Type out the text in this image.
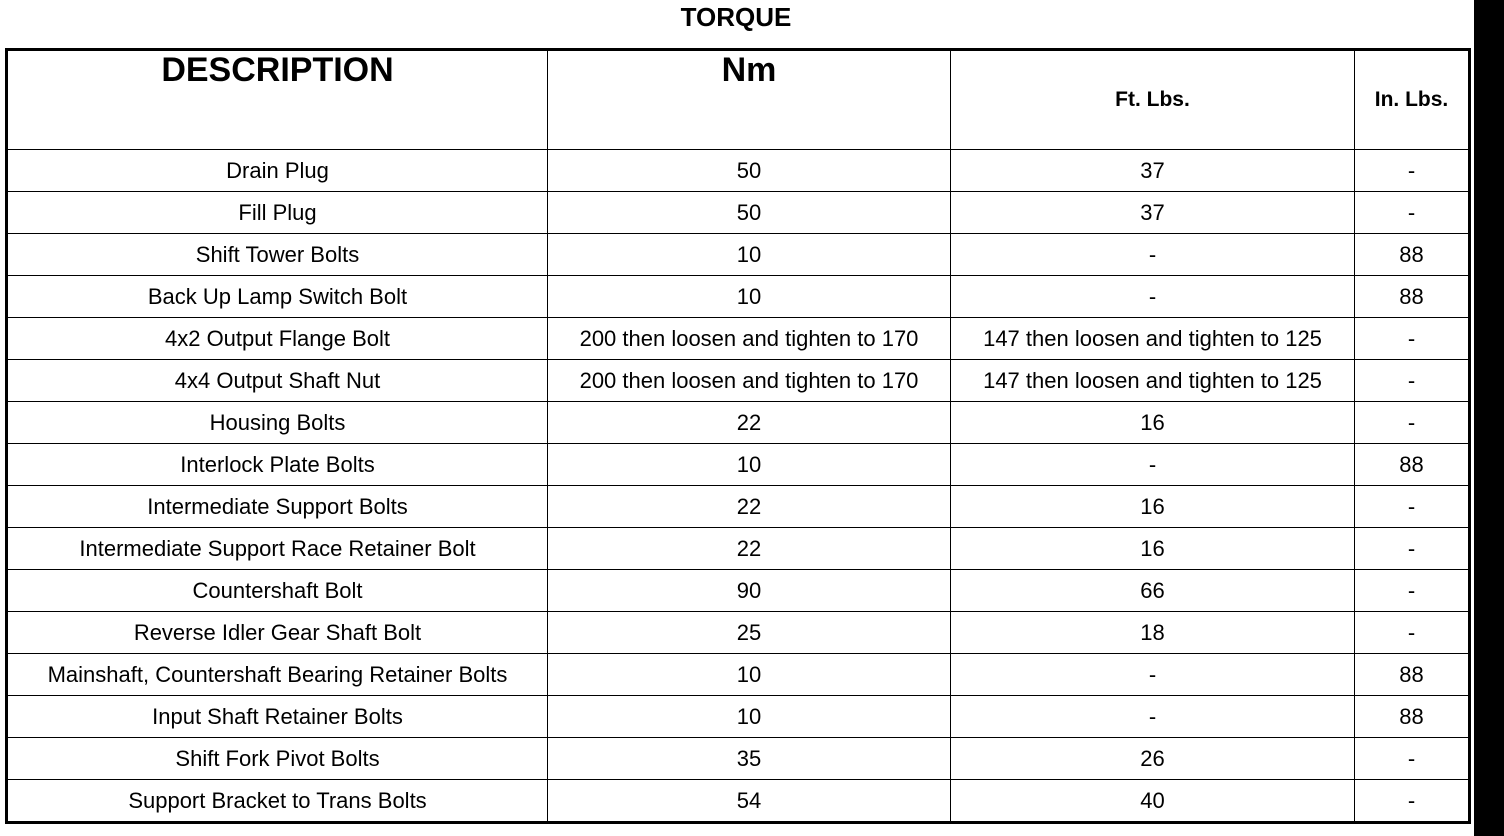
TORQUE
DESCRIPTION	Nm	Ft. Lbs.	In. Lbs.
Drain Plug	50	37	-
Fill Plug	50	37	-
Shift Tower Bolts	10	-	88
Back Up Lamp Switch Bolt	10	-	88
4x2 Output Flange Bolt	200 then loosen and tighten to 170	147 then loosen and tighten to 125	-
4x4 Output Shaft Nut	200 then loosen and tighten to 170	147 then loosen and tighten to 125	-
Housing Bolts	22	16	-
Interlock Plate Bolts	10	-	88
Intermediate Support Bolts	22	16	-
Intermediate Support Race Retainer Bolt	22	16	-
Countershaft Bolt	90	66	-
Reverse Idler Gear Shaft Bolt	25	18	-
Mainshaft, Countershaft Bearing Retainer Bolts	10	-	88
Input Shaft Retainer Bolts	10	-	88
Shift Fork Pivot Bolts	35	26	-
Support Bracket to Trans Bolts	54	40	-
